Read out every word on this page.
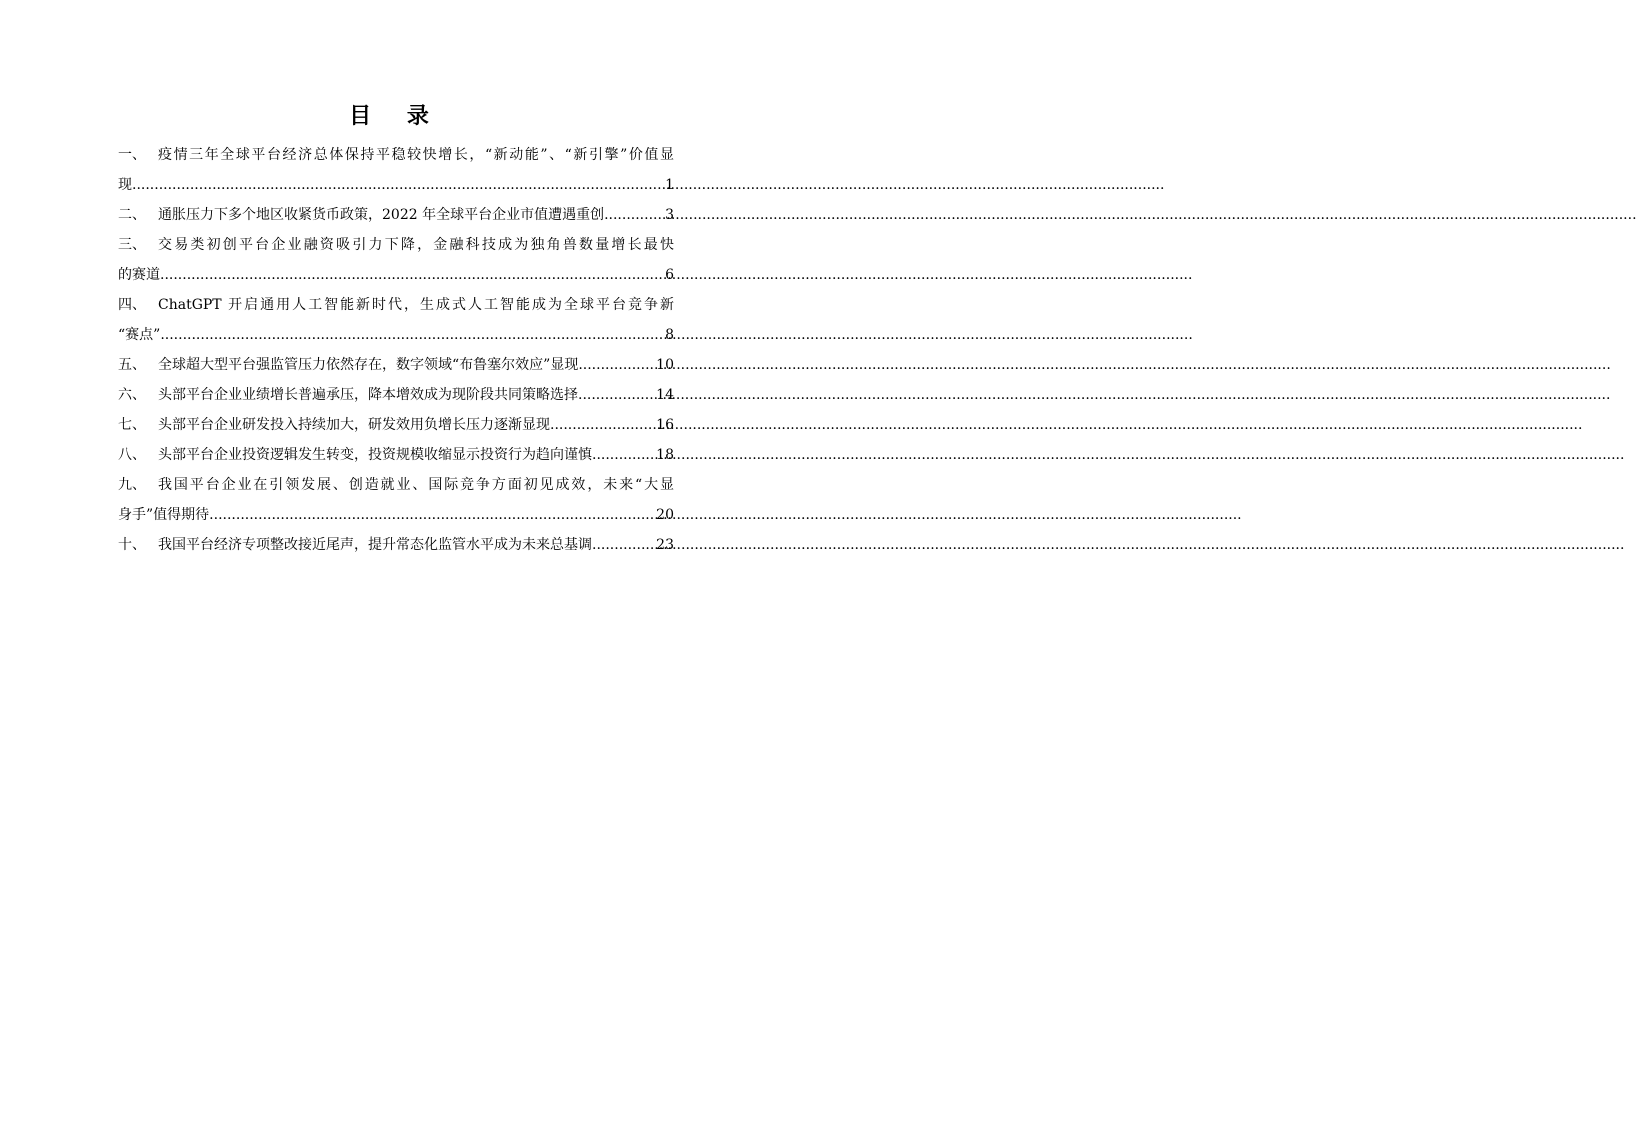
目 录
一、 疫情三年全球平台经济总体保持平稳较快增长，“新动能”、“新引擎”价值显
现 .....	1
二、 通胀压力下多个地区收紧货币政策，2022 年全球平台企业市值遭遇重创 .....	3
三、 交易类初创平台企业融资吸引力下降，金融科技成为独角兽数量增长最快
的赛道 .....	6
四、 ChatGPT 开启通用人工智能新时代，生成式人工智能成为全球平台竞争新
“赛点” .....	8
五、 全球超大型平台强监管压力依然存在，数字领域“布鲁塞尔效应”显现 .....	10
六、 头部平台企业业绩增长普遍承压，降本增效成为现阶段共同策略选择 .....	14
七、 头部平台企业研发投入持续加大，研发效用负增长压力逐渐显现 .....	16
八、 头部平台企业投资逻辑发生转变，投资规模收缩显示投资行为趋向谨慎 .....	18
九、 我国平台企业在引领发展、创造就业、国际竞争方面初见成效，未来“大显
身手”值得期待 .....	20
十、 我国平台经济专项整改接近尾声，提升常态化监管水平成为未来总基调 .....	23
